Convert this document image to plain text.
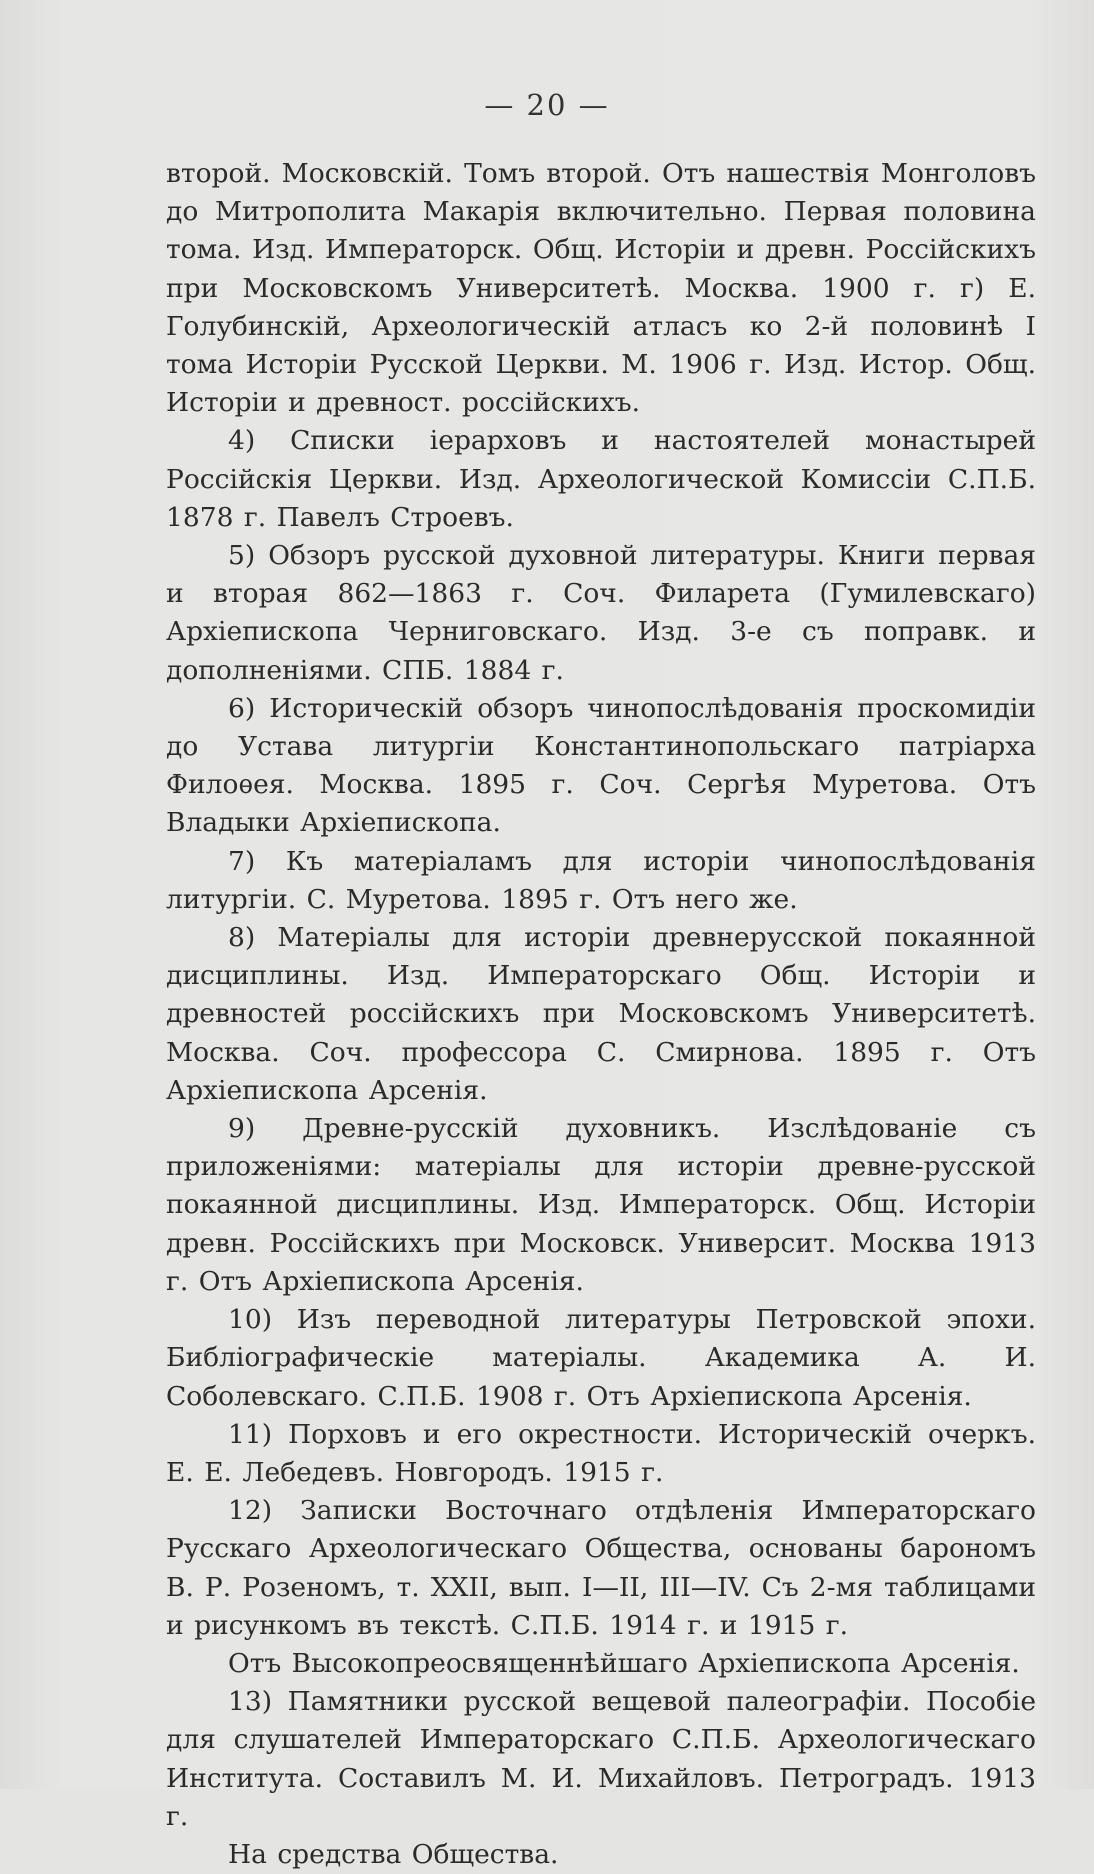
— 20 —

второй. Московскій. Томъ второй. Отъ нашествія Монголовъ до Митрополита Макарія включительно. Первая половина тома. Изд. Императорск. Общ. Исторіи и древн. Россійскихъ при Московскомъ Университетѣ. Москва. 1900 г. г) Е. Голубинскій, Археологическій атласъ ко 2-й половинѣ I тома Исторіи Русской Церкви. М. 1906 г. Изд. Истор. Общ. Исторіи и древност. россійскихъ.

4) Списки іерарховъ и настоятелей монастырей Россійскія Церкви. Изд. Археологической Комиссіи С.П.Б. 1878 г. Павелъ Строевъ.

5) Обзоръ русской духовной литературы. Книги первая и вторая 862—1863 г. Соч. Филарета (Гумилевскаго) Архіепископа Черниговскаго. Изд. 3-е съ поправк. и дополненіями. СПБ. 1884 г.

6) Историческій обзоръ чинопослѣдованія проскомидіи до Устава литургіи Константинопольскаго патріарха Филоѳея. Москва. 1895 г. Соч. Сергѣя Муретова. Отъ Владыки Архіепископа.

7) Къ матеріаламъ для исторіи чинопослѣдованія литургіи. С. Муретова. 1895 г. Отъ него же.

8) Матеріалы для исторіи древнерусской покаянной дисциплины. Изд. Императорскаго Общ. Исторіи и древностей россійскихъ при Московскомъ Университетѣ. Москва. Соч. профессора С. Смирнова. 1895 г. Отъ Архіепископа Арсенія.

9) Древне-русскій духовникъ. Изслѣдованіе съ приложеніями: матеріалы для исторіи древне-русской покаянной дисциплины. Изд. Императорск. Общ. Исторіи древн. Россійскихъ при Московск. Университ. Москва 1913 г. Отъ Архіепископа Арсенія.

10) Изъ переводной литературы Петровской эпохи. Библіографическіе матеріалы. Академика А. И. Соболевскаго. С.П.Б. 1908 г. Отъ Архіепископа Арсенія.

11) Порховъ и его окрестности. Историческій очеркъ. Е. Е. Лебедевъ. Новгородъ. 1915 г.

12) Записки Восточнаго отдѣленія Императорскаго Русскаго Археологическаго Общества, основаны барономъ В. Р. Розеномъ, т. XXII, вып. I—II, III—IV. Съ 2-мя таблицами и рисункомъ въ текстѣ. С.П.Б. 1914 г. и 1915 г.

Отъ Высокопреосвященнѣйшаго Архіепископа Арсенія.

13) Памятники русской вещевой палеографіи. Пособіе для слушателей Императорскаго С.П.Б. Археологическаго Института. Составилъ М. И. Михайловъ. Петроградъ. 1913 г.

На средства Общества.
